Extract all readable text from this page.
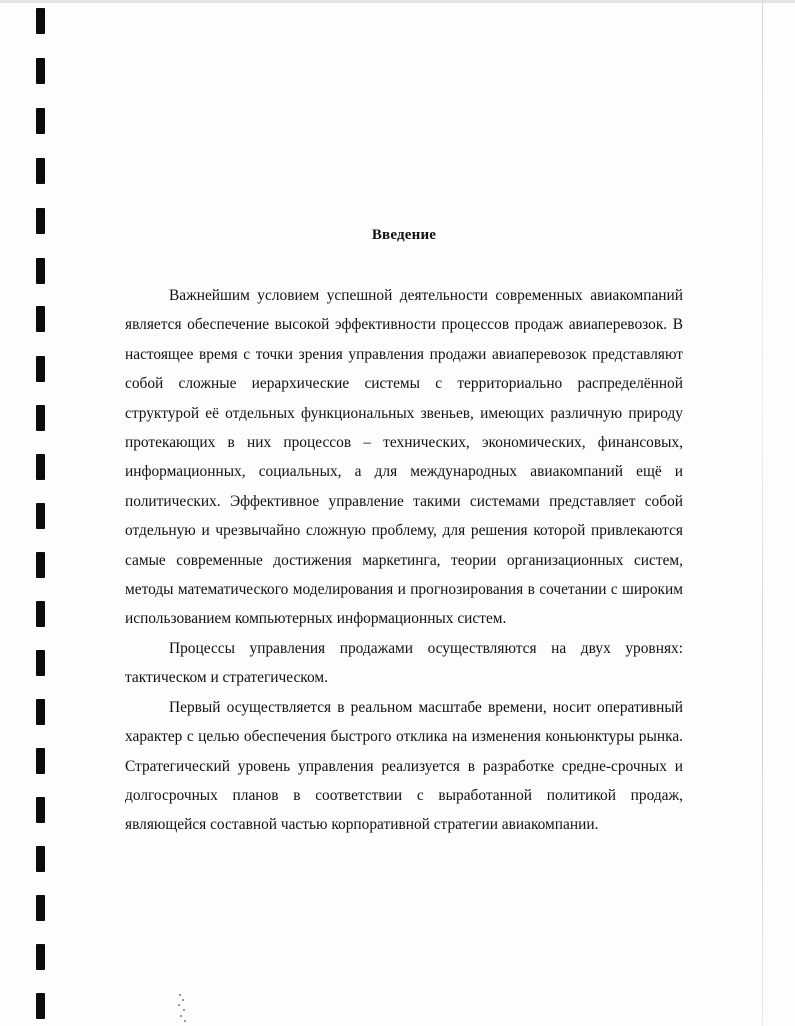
Введение

Важнейшим условием успешной деятельности современных авиакомпаний является обеспечение высокой эффективности процессов продаж авиаперевозок. В настоящее время с точки зрения управления продажи авиаперевозок представляют собой сложные иерархические системы с территориально распределённой структурой её отдельных функциональных звеньев, имеющих различную природу протекающих в них процессов – технических, экономических, финансовых, информационных, социальных, а для международных авиакомпаний ещё и политических. Эффективное управление такими системами представляет собой отдельную и чрезвычайно сложную проблему, для решения которой привлекаются самые современные достижения маркетинга, теории организационных систем, методы математического моделирования и прогнозирования в сочетании с широким использованием компьютерных информационных систем.

Процессы управления продажами осуществляются на двух уровнях: тактическом и стратегическом.

Первый осуществляется в реальном масштабе времени, носит оперативный характер с целью обеспечения быстрого отклика на изменения коньюнктуры рынка. Стратегический уровень управления реализуется в разработке средне-срочных и долгосрочных планов в соответствии с выработанной политикой продаж, являющейся составной частью корпоративной стратегии авиакомпании.
